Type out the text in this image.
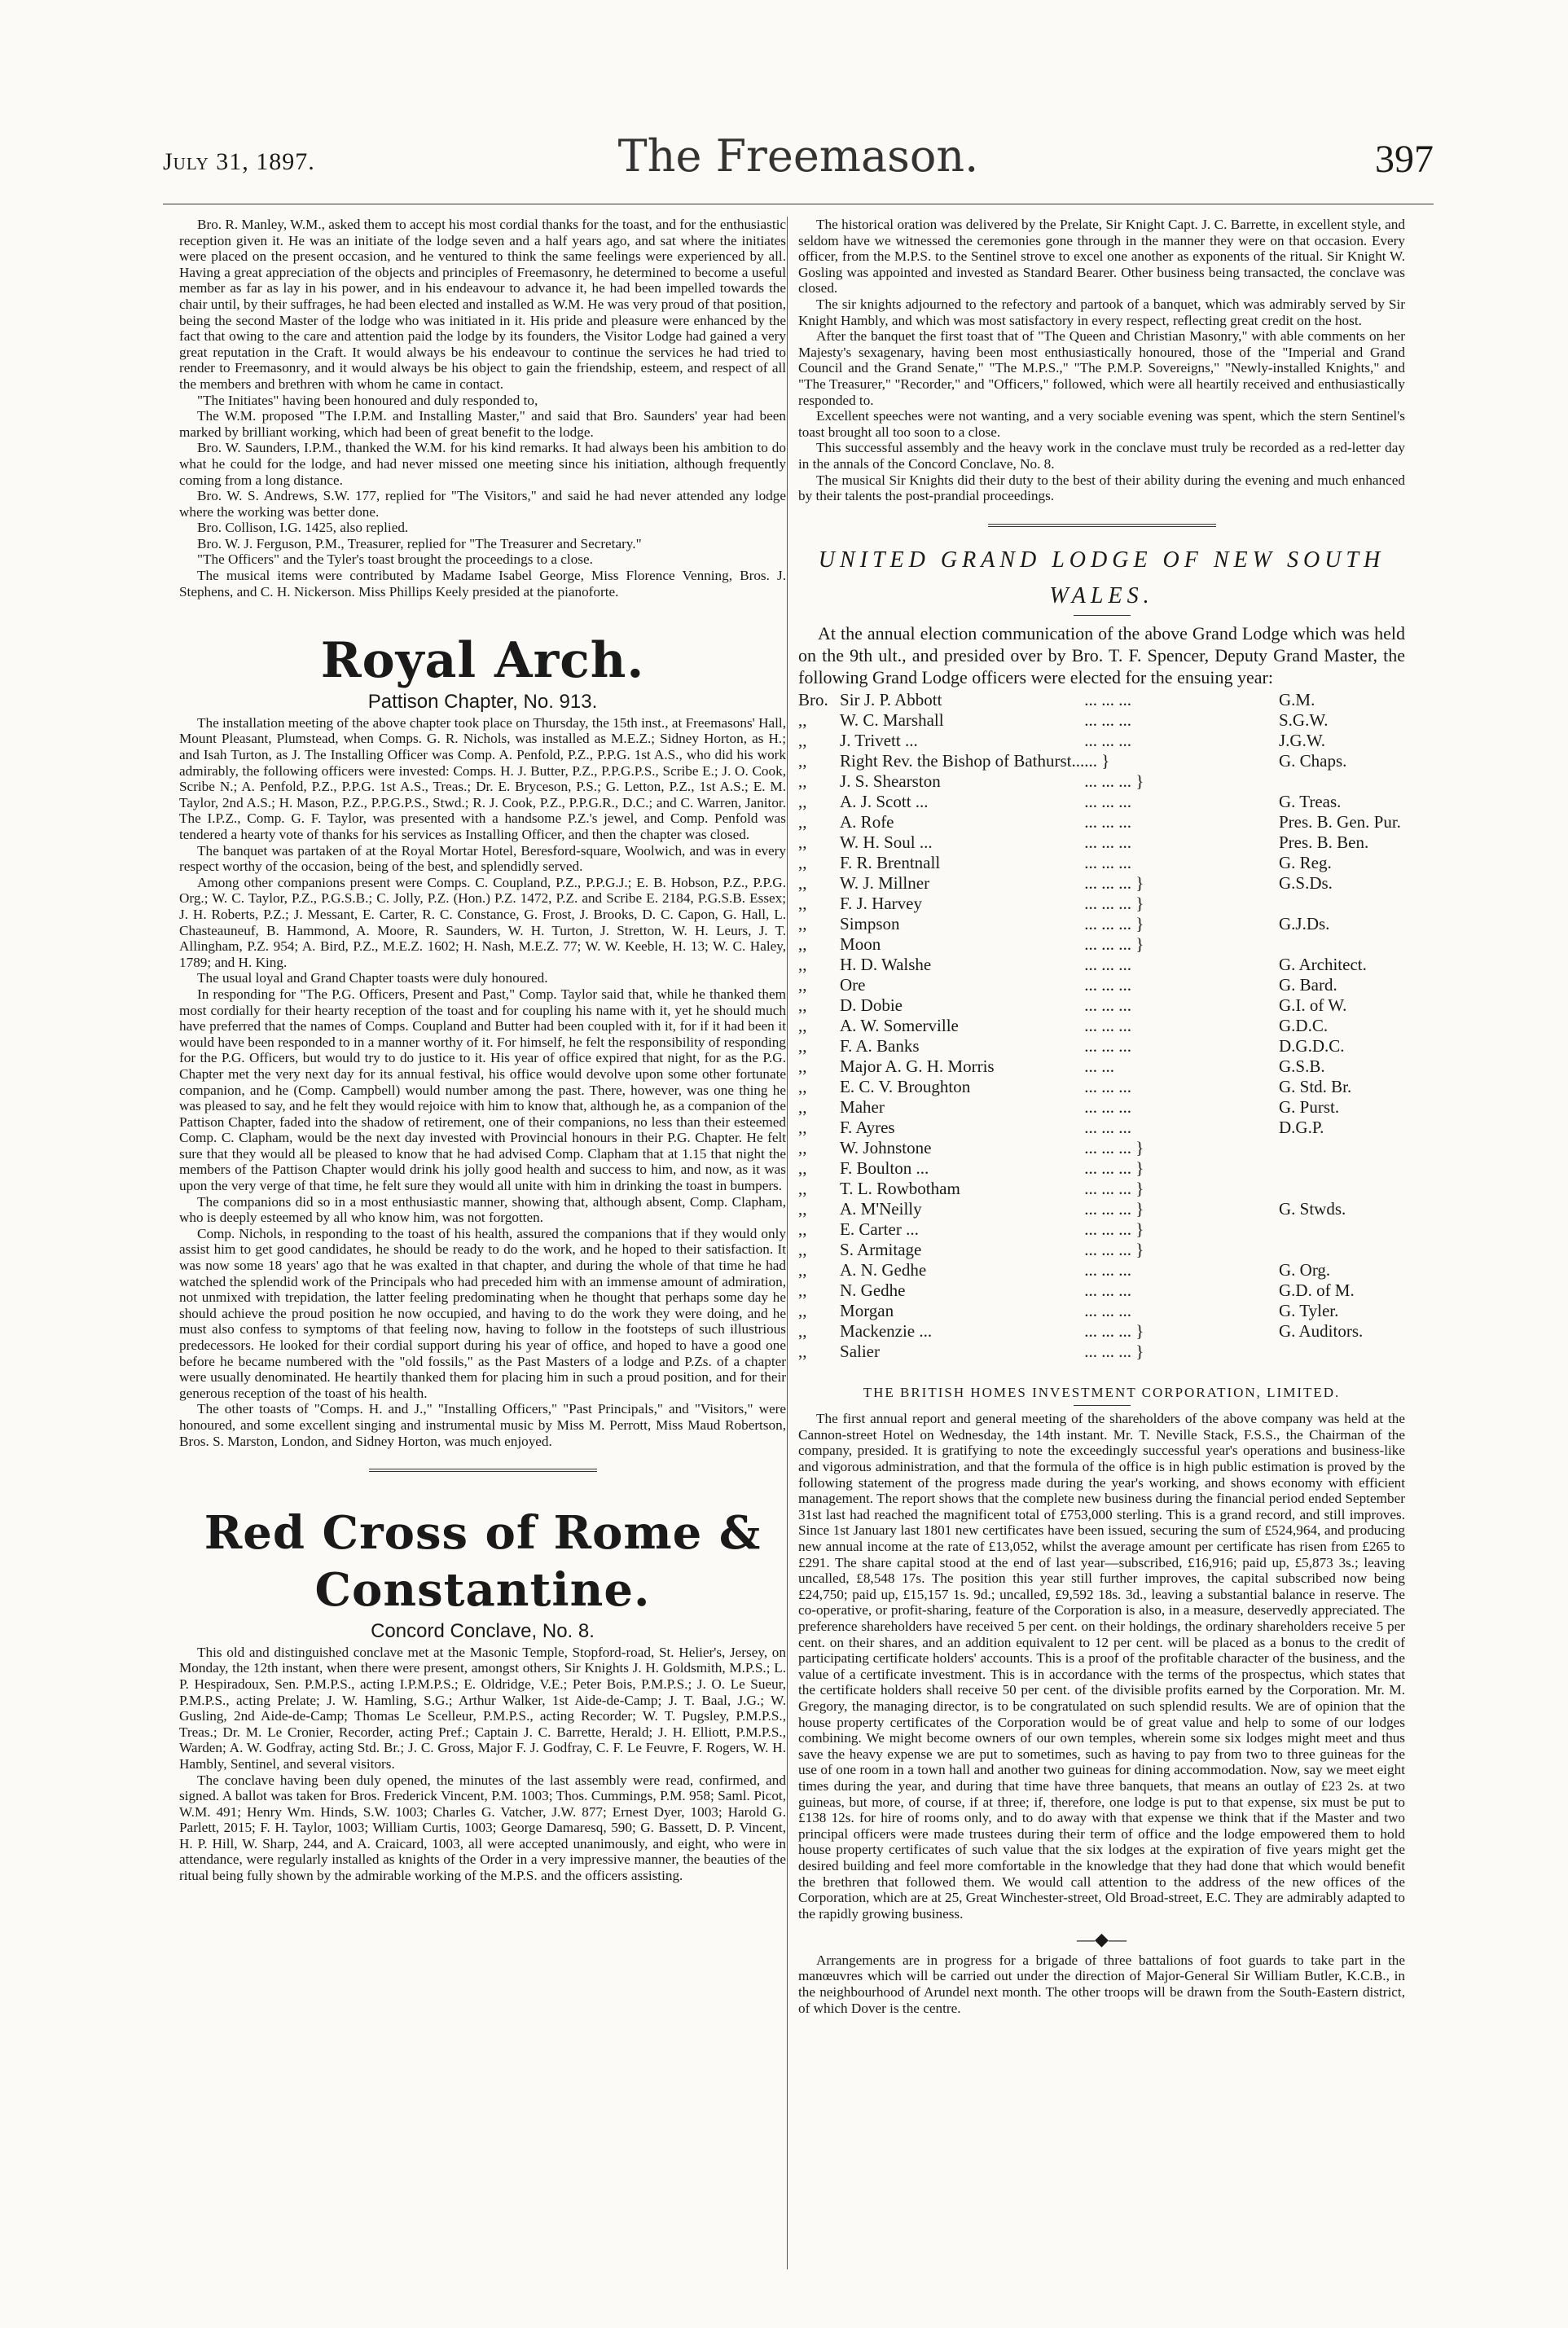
July 31, 1897.	The Freemason.	397

Bro. R. Manley, W.M., asked them to accept his most cordial thanks for the toast, and for the enthusiastic reception given it. He was an initiate of the lodge seven and a half years ago, and sat where the initiates were placed on the present occasion, and he ventured to think the same feelings were experienced by all. Having a great appreciation of the objects and principles of Freemasonry, he determined to become a useful member as far as lay in his power, and in his endeavour to advance it, he had been impelled towards the chair until, by their suffrages, he had been elected and installed as W.M. He was very proud of that position, being the second Master of the lodge who was initiated in it. His pride and pleasure were enhanced by the fact that owing to the care and attention paid the lodge by its founders, the Visitor Lodge had gained a very great reputation in the Craft. It would always be his endeavour to continue the services he had tried to render to Freemasonry, and it would always be his object to gain the friendship, esteem, and respect of all the members and brethren with whom he came in contact.

"The Initiates" having been honoured and duly responded to,

The W.M. proposed "The I.P.M. and Installing Master," and said that Bro. Saunders' year had been marked by brilliant working, which had been of great benefit to the lodge.

Bro. W. Saunders, I.P.M., thanked the W.M. for his kind remarks. It had always been his ambition to do what he could for the lodge, and had never missed one meeting since his initiation, although frequently coming from a long distance.

Bro. W. S. Andrews, S.W. 177, replied for "The Visitors," and said he had never attended any lodge where the working was better done.

Bro. Collison, I.G. 1425, also replied.

Bro. W. J. Ferguson, P.M., Treasurer, replied for "The Treasurer and Secretary."

"The Officers" and the Tyler's toast brought the proceedings to a close.

The musical items were contributed by Madame Isabel George, Miss Florence Venning, Bros. J. Stephens, and C. H. Nickerson. Miss Phillips Keely presided at the pianoforte.

Royal Arch.
Pattison Chapter, No. 913.

The installation meeting of the above chapter took place on Thursday, the 15th inst., at Freemasons' Hall, Mount Pleasant, Plumstead, when Comps. G. R. Nichols, was installed as M.E.Z.; Sidney Horton, as H.; and Isah Turton, as J. The Installing Officer was Comp. A. Penfold, P.Z., P.P.G. 1st A.S., who did his work admirably, the following officers were invested: Comps. H. J. Butter, P.Z., P.P.G.P.S., Scribe E.; J. O. Cook, Scribe N.; A. Penfold, P.Z., P.P.G. 1st A.S., Treas.; Dr. E. Bryceson, P.S.; G. Letton, P.Z., 1st A.S.; E. M. Taylor, 2nd A.S.; H. Mason, P.Z., P.P.G.P.S., Stwd.; R. J. Cook, P.Z., P.P.G.R., D.C.; and C. Warren, Janitor. The I.P.Z., Comp. G. F. Taylor, was presented with a handsome P.Z.'s jewel, and Comp. Penfold was tendered a hearty vote of thanks for his services as Installing Officer, and then the chapter was closed.

The banquet was partaken of at the Royal Mortar Hotel, Beresford-square, Woolwich, and was in every respect worthy of the occasion, being of the best, and splendidly served.

Among other companions present were Comps. C. Coupland, P.Z., P.P.G.J.; E. B. Hobson, P.Z., P.P.G. Org.; W. C. Taylor, P.Z., P.G.S.B.; C. Jolly, P.Z. (Hon.) P.Z. 1472, P.Z. and Scribe E. 2184, P.G.S.B. Essex; J. H. Roberts, P.Z.; J. Messant, E. Carter, R. C. Constance, G. Frost, J. Brooks, D. C. Capon, G. Hall, L. Chasteauneuf, B. Hammond, A. Moore, R. Saunders, W. H. Turton, J. Stretton, W. H. Leurs, J. T. Allingham, P.Z. 954; A. Bird, P.Z., M.E.Z. 1602; H. Nash, M.E.Z. 77; W. W. Keeble, H. 13; W. C. Haley, 1789; and H. King.

The usual loyal and Grand Chapter toasts were duly honoured.

In responding for "The P.G. Officers, Present and Past," Comp. Taylor said that, while he thanked them most cordially for their hearty reception of the toast and for coupling his name with it, yet he should much have preferred that the names of Comps. Coupland and Butter had been coupled with it, for if it had been it would have been responded to in a manner worthy of it. For himself, he felt the responsibility of responding for the P.G. Officers, but would try to do justice to it. His year of office expired that night, for as the P.G. Chapter met the very next day for its annual festival, his office would devolve upon some other fortunate companion, and he (Comp. Campbell) would number among the past. There, however, was one thing he was pleased to say, and he felt they would rejoice with him to know that, although he, as a companion of the Pattison Chapter, faded into the shadow of retirement, one of their companions, no less than their esteemed Comp. C. Clapham, would be the next day invested with Provincial honours in their P.G. Chapter. He felt sure that they would all be pleased to know that he had advised Comp. Clapham that at 1.15 that night the members of the Pattison Chapter would drink his jolly good health and success to him, and now, as it was upon the very verge of that time, he felt sure they would all unite with him in drinking the toast in bumpers.

The companions did so in a most enthusiastic manner, showing that, although absent, Comp. Clapham, who is deeply esteemed by all who know him, was not forgotten.

Comp. Nichols, in responding to the toast of his health, assured the companions that if they would only assist him to get good candidates, he should be ready to do the work, and he hoped to their satisfaction. It was now some 18 years' ago that he was exalted in that chapter, and during the whole of that time he had watched the splendid work of the Principals who had preceded him with an immense amount of admiration, not unmixed with trepidation, the latter feeling predominating when he thought that perhaps some day he should achieve the proud position he now occupied, and having to do the work they were doing, and he must also confess to symptoms of that feeling now, having to follow in the footsteps of such illustrious predecessors. He looked for their cordial support during his year of office, and hoped to have a good one before he became numbered with the "old fossils," as the Past Masters of a lodge and P.Zs. of a chapter were usually denominated. He heartily thanked them for placing him in such a proud position, and for their generous reception of the toast of his health.

The other toasts of "Comps. H. and J.," "Installing Officers," "Past Principals," and "Visitors," were honoured, and some excellent singing and instrumental music by Miss M. Perrott, Miss Maud Robertson, Bros. S. Marston, London, and Sidney Horton, was much enjoyed.

Red Cross of Rome & Constantine.
Concord Conclave, No. 8.

This old and distinguished conclave met at the Masonic Temple, Stopford-road, St. Helier's, Jersey, on Monday, the 12th instant, when there were present, amongst others, Sir Knights J. H. Goldsmith, M.P.S.; L. P. Hespiradoux, Sen. P.M.P.S., acting I.P.M.P.S.; E. Oldridge, V.E.; Peter Bois, P.M.P.S.; J. O. Le Sueur, P.M.P.S., acting Prelate; J. W. Hamling, S.G.; Arthur Walker, 1st Aide-de-Camp; J. T. Baal, J.G.; W. Gusling, 2nd Aide-de-Camp; Thomas Le Scelleur, P.M.P.S., acting Recorder; W. T. Pugsley, P.M.P.S., Treas.; Dr. M. Le Cronier, Recorder, acting Pref.; Captain J. C. Barrette, Herald; J. H. Elliott, P.M.P.S., Warden; A. W. Godfray, acting Std. Br.; J. C. Gross, Major F. J. Godfray, C. F. Le Feuvre, F. Rogers, W. H. Hambly, Sentinel, and several visitors.

The conclave having been duly opened, the minutes of the last assembly were read, confirmed, and signed. A ballot was taken for Bros. Frederick Vincent, P.M. 1003; Thos. Cummings, P.M. 958; Saml. Picot, W.M. 491; Henry Wm. Hinds, S.W. 1003; Charles G. Vatcher, J.W. 877; Ernest Dyer, 1003; Harold G. Parlett, 2015; F. H. Taylor, 1003; William Curtis, 1003; George Damaresq, 590; G. Bassett, D. P. Vincent, H. P. Hill, W. Sharp, 244, and A. Craicard, 1003, all were accepted unanimously, and eight, who were in attendance, were regularly installed as knights of the Order in a very impressive manner, the beauties of the ritual being fully shown by the admirable working of the M.P.S. and the officers assisting.

The historical oration was delivered by the Prelate, Sir Knight Capt. J. C. Barrette, in excellent style, and seldom have we witnessed the ceremonies gone through in the manner they were on that occasion. Every officer, from the M.P.S. to the Sentinel strove to excel one another as exponents of the ritual. Sir Knight W. Gosling was appointed and invested as Standard Bearer. Other business being transacted, the conclave was closed.

The sir knights adjourned to the refectory and partook of a banquet, which was admirably served by Sir Knight Hambly, and which was most satisfactory in every respect, reflecting great credit on the host.

After the banquet the first toast that of "The Queen and Christian Masonry," with able comments on her Majesty's sexagenary, having been most enthusiastically honoured, those of the "Imperial and Grand Council and the Grand Senate," "The M.P.S.," "The P.M.P. Sovereigns," "Newly-installed Knights," and "The Treasurer," "Recorder," and "Officers," followed, which were all heartily received and enthusiastically responded to.

Excellent speeches were not wanting, and a very sociable evening was spent, which the stern Sentinel's toast brought all too soon to a close.

This successful assembly and the heavy work in the conclave must truly be recorded as a red-letter day in the annals of the Concord Conclave, No. 8.

The musical Sir Knights did their duty to the best of their ability during the evening and much enhanced by their talents the post-prandial proceedings.

UNITED GRAND LODGE OF NEW SOUTH
WALES.

At the annual election communication of the above Grand Lodge which was held on the 9th ult., and presided over by Bro. T. F. Spencer, Deputy Grand Master, the following Grand Lodge officers were elected for the ensuing year:

Bro.	Sir J. P. Abbott	... ... ...	G.M.
,,	W. C. Marshall	... ... ...	S.G.W.
,,	J. Trivett ...	... ... ...	J.G.W.
,,	Right Rev. the Bishop of Bathurst...	... }	G. Chaps.
,,	J. S. Shearston	... ... ... }	
,,	A. J. Scott ...	... ... ...	G. Treas.
,,	A. Rofe	... ... ...	Pres. B. Gen. Pur.
,,	W. H. Soul ...	... ... ...	Pres. B. Ben.
,,	F. R. Brentnall	... ... ...	G. Reg.
,,	W. J. Millner	... ... ... }	G.S.Ds.
,,	F. J. Harvey	... ... ... }	
,,	Simpson	... ... ... }	G.J.Ds.
,,	Moon	... ... ... }	
,,	H. D. Walshe	... ... ...	G. Architect.
,,	Ore	... ... ...	G. Bard.
,,	D. Dobie	... ... ...	G.I. of W.
,,	A. W. Somerville	... ... ...	G.D.C.
,,	F. A. Banks	... ... ...	D.G.D.C.
,,	Major A. G. H. Morris	... ...	G.S.B.
,,	E. C. V. Broughton	... ... ...	G. Std. Br.
,,	Maher	... ... ...	G. Purst.
,,	F. Ayres	... ... ...	D.G.P.
,,	W. Johnstone	... ... ... }	
,,	F. Boulton ...	... ... ... }	
,,	T. L. Rowbotham	... ... ... }	
,,	A. M'Neilly	... ... ... }	G. Stwds.
,,	E. Carter ...	... ... ... }	
,,	S. Armitage	... ... ... }	
,,	A. N. Gedhe	... ... ...	G. Org.
,,	N. Gedhe	... ... ...	G.D. of M.
,,	Morgan	... ... ...	G. Tyler.
,,	Mackenzie ...	... ... ... }	G. Auditors.
,,	Salier	... ... ... }	
THE BRITISH HOMES INVESTMENT CORPORATION, LIMITED.

The first annual report and general meeting of the shareholders of the above company was held at the Cannon-street Hotel on Wednesday, the 14th instant. Mr. T. Neville Stack, F.S.S., the Chairman of the company, presided. It is gratifying to note the exceedingly successful year's operations and business-like and vigorous administration, and that the formula of the office is in high public estimation is proved by the following statement of the progress made during the year's working, and shows economy with efficient management. The report shows that the complete new business during the financial period ended September 31st last had reached the magnificent total of £753,000 sterling. This is a grand record, and still improves. Since 1st January last 1801 new certificates have been issued, securing the sum of £524,964, and producing new annual income at the rate of £13,052, whilst the average amount per certificate has risen from £265 to £291. The share capital stood at the end of last year—subscribed, £16,916; paid up, £5,873 3s.; leaving uncalled, £8,548 17s. The position this year still further improves, the capital subscribed now being £24,750; paid up, £15,157 1s. 9d.; uncalled, £9,592 18s. 3d., leaving a substantial balance in reserve. The co-operative, or profit-sharing, feature of the Corporation is also, in a measure, deservedly appreciated. The preference shareholders have received 5 per cent. on their holdings, the ordinary shareholders receive 5 per cent. on their shares, and an addition equivalent to 12 per cent. will be placed as a bonus to the credit of participating certificate holders' accounts. This is a proof of the profitable character of the business, and the value of a certificate investment. This is in accordance with the terms of the prospectus, which states that the certificate holders shall receive 50 per cent. of the divisible profits earned by the Corporation. Mr. M. Gregory, the managing director, is to be congratulated on such splendid results. We are of opinion that the house property certificates of the Corporation would be of great value and help to some of our lodges combining. We might become owners of our own temples, wherein some six lodges might meet and thus save the heavy expense we are put to sometimes, such as having to pay from two to three guineas for the use of one room in a town hall and another two guineas for dining accommodation. Now, say we meet eight times during the year, and during that time have three banquets, that means an outlay of £23 2s. at two guineas, but more, of course, if at three; if, therefore, one lodge is put to that expense, six must be put to £138 12s. for hire of rooms only, and to do away with that expense we think that if the Master and two principal officers were made trustees during their term of office and the lodge empowered them to hold house property certificates of such value that the six lodges at the expiration of five years might get the desired building and feel more comfortable in the knowledge that they had done that which would benefit the brethren that followed them. We would call attention to the address of the new offices of the Corporation, which are at 25, Great Winchester-street, Old Broad-street, E.C. They are admirably adapted to the rapidly growing business.

—◆—

Arrangements are in progress for a brigade of three battalions of foot guards to take part in the manœuvres which will be carried out under the direction of Major-General Sir William Butler, K.C.B., in the neighbourhood of Arundel next month. The other troops will be drawn from the South-Eastern district, of which Dover is the centre.
